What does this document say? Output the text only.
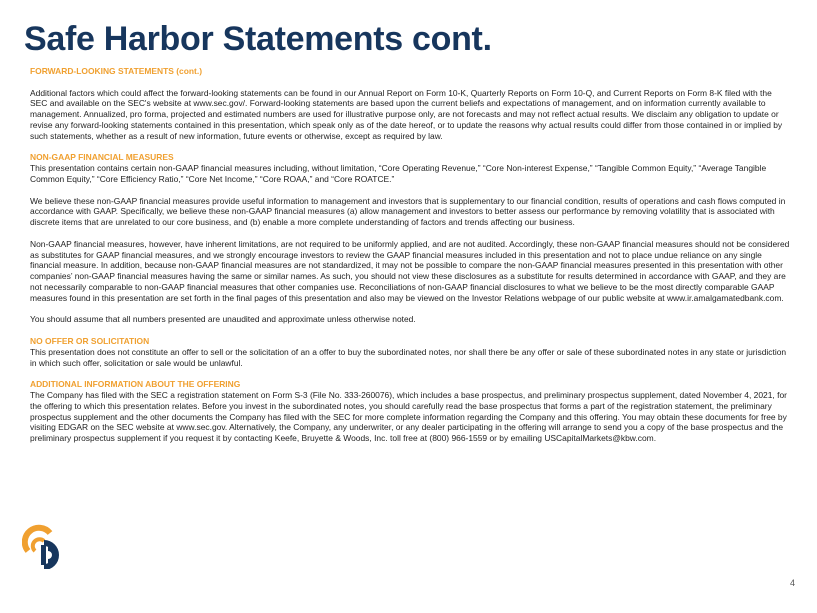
Safe Harbor Statements cont.

FORWARD-LOOKING STATEMENTS (cont.)

Additional factors which could affect the forward-looking statements can be found in our Annual Report on Form 10-K, Quarterly Reports on Form 10-Q, and Current Reports on Form 8-K filed with the SEC and available on the SEC's website at www.sec.gov/. Forward-looking statements are based upon the current beliefs and expectations of management, and on information currently available to management. Annualized, pro forma, projected and estimated numbers are used for illustrative purpose only, are not forecasts and may not reflect actual results. We disclaim any obligation to update or revise any forward-looking statements contained in this presentation, which speak only as of the date hereof, or to update the reasons why actual results could differ from those contained in or implied by such statements, whether as a result of new information, future events or otherwise, except as required by law.

NON-GAAP FINANCIAL MEASURES

This presentation contains certain non-GAAP financial measures including, without limitation, “Core Operating Revenue,” “Core Non-interest Expense,” “Tangible Common Equity,” “Average Tangible Common Equity,” “Core Efficiency Ratio,” “Core Net Income,” “Core ROAA,” and “Core ROATCE.”

We believe these non-GAAP financial measures provide useful information to management and investors that is supplementary to our financial condition, results of operations and cash flows computed in accordance with GAAP. Specifically, we believe these non-GAAP financial measures (a) allow management and investors to better assess our performance by removing volatility that is associated with discrete items that are unrelated to our core business, and (b) enable a more complete understanding of factors and trends affecting our business.

Non-GAAP financial measures, however, have inherent limitations, are not required to be uniformly applied, and are not audited. Accordingly, these non-GAAP financial measures should not be considered as substitutes for GAAP financial measures, and we strongly encourage investors to review the GAAP financial measures included in this presentation and not to place undue reliance on any single financial measure. In addition, because non-GAAP financial measures are not standardized, it may not be possible to compare the non-GAAP financial measures presented in this presentation with other companies’ non-GAAP financial measures having the same or similar names. As such, you should not view these disclosures as a substitute for results determined in accordance with GAAP, and they are not necessarily comparable to non-GAAP financial measures that other companies use. Reconciliations of non-GAAP financial disclosures to what we believe to be the most directly comparable GAAP measures found in this presentation are set forth in the final pages of this presentation and also may be viewed on the Investor Relations webpage of our public website at www.ir.amalgamatedbank.com.

You should assume that all numbers presented are unaudited and approximate unless otherwise noted.

NO OFFER OR SOLICITATION

This presentation does not constitute an offer to sell or the solicitation of an a offer to buy the subordinated notes, nor shall there be any offer or sale of these subordinated notes in any state or jurisdiction in which such offer, solicitation or sale would be unlawful.

ADDITIONAL INFORMATION ABOUT THE OFFERING

The Company has filed with the SEC a registration statement on Form S-3 (File No. 333-260076), which includes a base prospectus, and preliminary prospectus supplement, dated November 4, 2021, for the offering to which this presentation relates. Before you invest in the subordinated notes, you should carefully read the base prospectus that forms a part of the registration statement, the preliminary prospectus supplement and the other documents the Company has filed with the SEC for more complete information regarding the Company and this offering. You may obtain these documents for free by visiting EDGAR on the SEC website at www.sec.gov. Alternatively, the Company, any underwriter, or any dealer participating in the offering will arrange to send you a copy of the base prospectus and the preliminary prospectus supplement if you request it by contacting Keefe, Bruyette & Woods, Inc. toll free at (800) 966-1559 or by emailing USCapitalMarkets@kbw.com.

4
